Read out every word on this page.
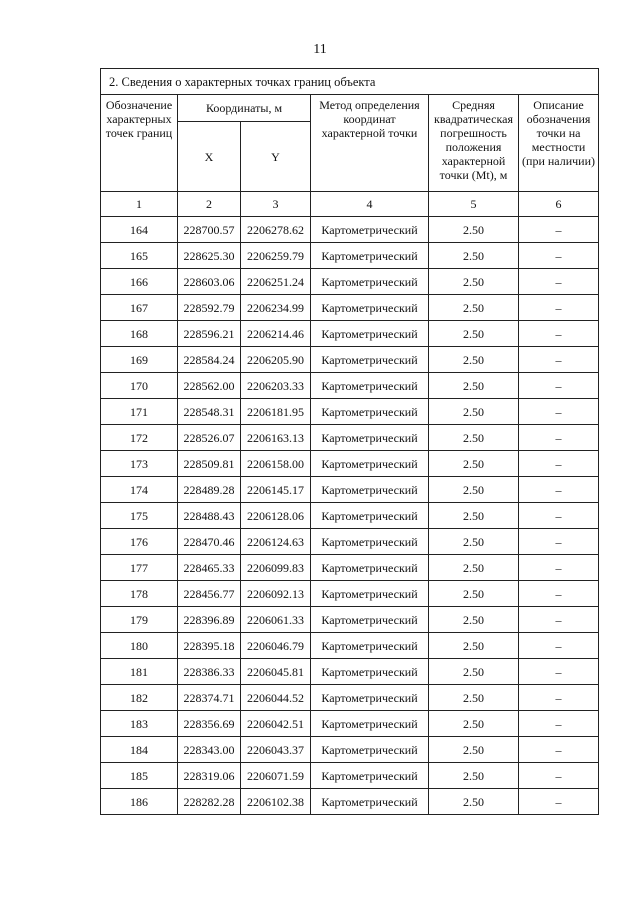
11
2. Сведения о характерных точках границ объекта					
Обозначение характерных точек границ	Координаты, м		Метод определения координат характерной точки	Средняя квадратическая погрешность положения характерной точки (Mt), м	Описание обозначения точки на местности (при наличии)
	X	Y			
1	2	3	4	5	6
164	228700.57	2206278.62	Картометрический	2.50	–
165	228625.30	2206259.79	Картометрический	2.50	–
166	228603.06	2206251.24	Картометрический	2.50	–
167	228592.79	2206234.99	Картометрический	2.50	–
168	228596.21	2206214.46	Картометрический	2.50	–
169	228584.24	2206205.90	Картометрический	2.50	–
170	228562.00	2206203.33	Картометрический	2.50	–
171	228548.31	2206181.95	Картометрический	2.50	–
172	228526.07	2206163.13	Картометрический	2.50	–
173	228509.81	2206158.00	Картометрический	2.50	–
174	228489.28	2206145.17	Картометрический	2.50	–
175	228488.43	2206128.06	Картометрический	2.50	–
176	228470.46	2206124.63	Картометрический	2.50	–
177	228465.33	2206099.83	Картометрический	2.50	–
178	228456.77	2206092.13	Картометрический	2.50	–
179	228396.89	2206061.33	Картометрический	2.50	–
180	228395.18	2206046.79	Картометрический	2.50	–
181	228386.33	2206045.81	Картометрический	2.50	–
182	228374.71	2206044.52	Картометрический	2.50	–
183	228356.69	2206042.51	Картометрический	2.50	–
184	228343.00	2206043.37	Картометрический	2.50	–
185	228319.06	2206071.59	Картометрический	2.50	–
186	228282.28	2206102.38	Картометрический	2.50	–
